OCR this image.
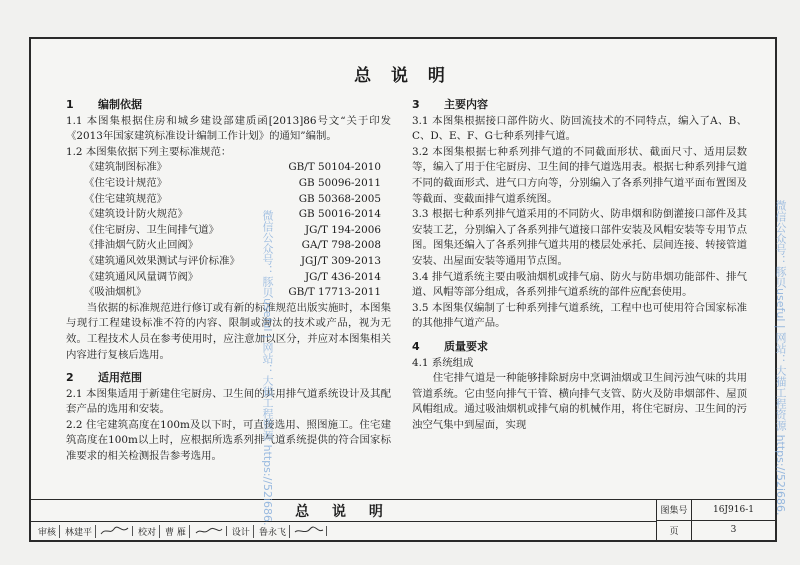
总 说 明
1	编制依据

1.1 本图集根据住房和城乡建设部建质函[2013]86号文“关于印发《2013年国家建筑标准设计编制工作计划》的通知”编制。

1.2 本图集依据下列主要标准规范：

《建筑制图标准》	GB/T 50104-2010
《住宅设计规范》	GB 50096-2011
《住宅建筑规范》	GB 50368-2005
《建筑设计防火规范》	GB 50016-2014
《住宅厨房、卫生间排气道》	JG/T 194-2006
《排油烟气防火止回阀》	GA/T 798-2008
《建筑通风效果测试与评价标准》	JGJ/T 309-2013
《建筑通风风量调节阀》	JG/T 436-2014
《吸油烟机》	GB/T 17713-2011

当依据的标准规范进行修订或有新的标准规范出版实施时，本图集与现行工程建设标准不符的内容、限制或淘汰的技术或产品，视为无效。工程技术人员在参考使用时，应注意加以区分，并应对本图集相关内容进行复核后选用。

2	适用范围

2.1 本图集适用于新建住宅厨房、卫生间的共用排气道系统设计及其配套产品的选用和安装。

2.2 住宅建筑高度在100m及以下时，可直接选用、照图施工。住宅建筑高度在100m以上时，应根据所选系列排气道系统提供的符合国家标准要求的相关检测报告参考选用。

3	主要内容

3.1 本图集根据接口部件防火、防回流技术的不同特点，编入了A、B、C、D、E、F、G七种系列排气道。

3.2 本图集根据七种系列排气道的不同截面形状、截面尺寸、适用层数等，编入了用于住宅厨房、卫生间的排气道选用表。根据七种系列排气道不同的截面形式、进气口方向等，分别编入了各系列排气道平面布置图及等截面、变截面排气道系统图。

3.3 根据七种系列排气道采用的不同防火、防串烟和防倒灌接口部件及其安装工艺，分别编入了各系列排气道接口部件安装及风帽安装等专用节点图。图集还编入了各系列排气道共用的楼层处承托、层间连接、转接管道安装、出屋面安装等通用节点图。

3.4 排气道系统主要由吸油烟机或排气扇、防火与防串烟功能部件、排气道、风帽等部分组成，各系列排气道系统的部件应配套使用。

3.5 本图集仅编制了七种系列排气道系统，工程中也可使用符合国家标准的其他排气道产品。

4	质量要求

4.1 系统组成

住宅排气道是一种能够排除厨房中烹调油烟或卫生间污浊气味的共用管道系统。它由竖向排气干管、横向排气支管、防火及防串烟部件、屋顶风帽组成。通过吸油烟机或排气扇的机械作用，将住宅厨房、卫生间的污浊空气集中到屋面，实现

总 说 明
审核	林建平	校对	曹 雁	设计	鲁永飞
图集号	16J916-1
页	3
微信公众号：豚贝useful | 网站：大猫工程资源 https://52i686.	微信公众号：豚贝useful | 网站：大猫工程资源 https://52i686.
